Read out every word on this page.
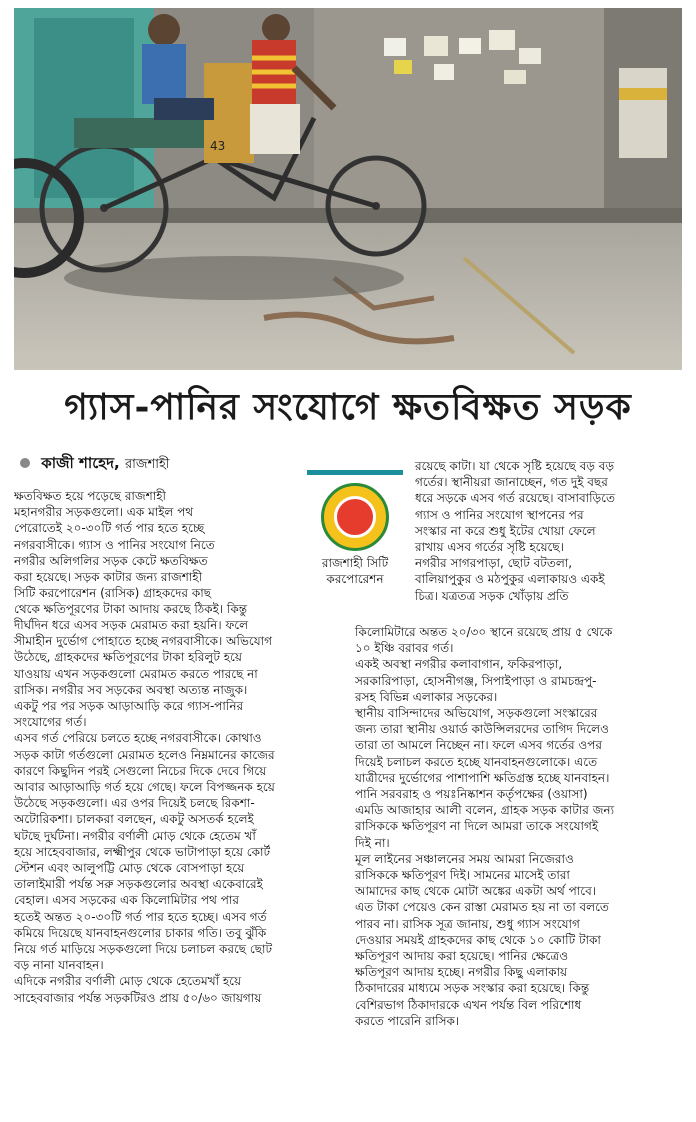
43
গ্যাস-পানির সংযোগে ক্ষতবিক্ষত সড়ক
কাজী শাহেদ, রাজশাহী
রাজশাহী সিটি
করপোরেশন

ক্ষতবিক্ষত হয়ে পড়েছে রাজশাহী

মহানগরীর সড়কগুলো। এক মাইল পথ

পেরোতেই ২০-৩০টি গর্ত পার হতে হচ্ছে

নগরবাসীকে। গ্যাস ও পানির সংযোগ নিতে

নগরীর অলিগলির সড়ক কেটে ক্ষতবিক্ষত

করা হয়েছে। সড়ক কাটার জন্য রাজশাহী

সিটি করপোরেশন (রাসিক) গ্রাহকদের কাছ

থেকে ক্ষতিপূরণের টাকা আদায় করছে ঠিকই। কিন্তু

দীর্ঘদিন ধরে এসব সড়ক মেরামত করা হয়নি। ফলে

সীমাহীন দুর্ভোগ পোহাতে হচ্ছে নগরবাসীকে। অভিযোগ

উঠেছে, গ্রাহকদের ক্ষতিপূরণের টাকা হরিলুট হয়ে

যাওয়ায় এখন সড়কগুলো মেরামত করতে পারছে না

রাসিক। নগরীর সব সড়কের অবস্থা অত্যন্ত নাজুক।

একটু পর পর সড়ক আড়াআড়ি করে গ্যাস-পানির

সংযোগের গর্ত।

এসব গর্ত পেরিয়ে চলতে হচ্ছে নগরবাসীকে। কোথাও

সড়ক কাটা গর্তগুলো মেরামত হলেও নিম্নমানের কাজের

কারণে কিছুদিন পরই সেগুলো নিচের দিকে দেবে গিয়ে

আবার আড়াআড়ি গর্ত হয়ে গেছে। ফলে বিপজ্জনক হয়ে

উঠেছে সড়কগুলো। এর ওপর দিয়েই চলছে রিকশা-

অটোরিকশা। চালকরা বলছেন, একটু অসতর্ক হলেই

ঘটছে দুর্ঘটনা। নগরীর বর্ণালী মোড় থেকে হেতেম খাঁ

হয়ে সাহেববাজার, লক্ষ্মীপুর থেকে ভাটাপাড়া হয়ে কোর্ট

স্টেশন এবং আলুপট্টি মোড় থেকে বোসপাড়া হয়ে

তালাইমারী পর্যন্ত সরু সড়কগুলোর অবস্থা একেবারেই

বেহাল। এসব সড়কের এক কিলোমিটার পথ পার

হতেই অন্তত ২০-৩০টি গর্ত পার হতে হচ্ছে। এসব গর্ত

কমিয়ে দিয়েছে যানবাহনগুলোর চাকার গতি। তবু ঝুঁকি

নিয়ে গর্ত মাড়িয়ে সড়কগুলো দিয়ে চলাচল করছে ছোট

বড় নানা যানবাহন।

এদিকে নগরীর বর্ণালী মোড় থেকে হেতেমখাঁ হয়ে

সাহেববাজার পর্যন্ত সড়কটিরও প্রায় ৫০/৬০ জায়গায়

রয়েছে কাটা। যা থেকে সৃষ্টি হয়েছে বড় বড়

গর্তের। স্থানীয়রা জানাচ্ছেন, গত দুই বছর

ধরে সড়কে এসব গর্ত রয়েছে। বাসাবাড়িতে

গ্যাস ও পানির সংযোগ স্থাপনের পর

সংস্কার না করে শুধু ইটের খোয়া ফেলে

রাখায় এসব গর্তের সৃষ্টি হয়েছে।

নগরীর সাগরপাড়া, ছোট বটতলা,

বালিয়াপুকুর ও মঠপুকুর এলাকায়ও একই

চিত্র। যত্রতত্র সড়ক খোঁড়ায় প্রতি

কিলোমিটারে অন্তত ২০/৩০ স্থানে রয়েছে প্রায় ৫ থেকে

১০ ইঞ্চি বরাবর গর্ত।

একই অবস্থা নগরীর কলাবাগান, ফকিরপাড়া,

সরকারিপাড়া, হোসনীগঞ্জ, সিপাইপাড়া ও রামচন্দ্রপু-

রসহ বিভিন্ন এলাকার সড়কের।

স্থানীয় বাসিন্দাদের অভিযোগ, সড়কগুলো সংস্কারের

জন্য তারা স্থানীয় ওয়ার্ড কাউন্সিলরদের তাগিদ দিলেও

তারা তা আমলে নিচ্ছেন না। ফলে এসব গর্তের ওপর

দিয়েই চলাচল করতে হচ্ছে যানবাহনগুলোকে। এতে

যাত্রীদের দুর্ভোগের পাশাপাশি ক্ষতিগ্রস্ত হচ্ছে যানবাহন।

পানি সরবরাহ ও পয়ঃনিষ্কাশন কর্তৃপক্ষের (ওয়াসা)

এমডি আজাহার আলী বলেন, গ্রাহক সড়ক কাটার জন্য

রাসিককে ক্ষতিপূরণ না দিলে আমরা তাকে সংযোগই

দিই না।

মূল লাইনের সঞ্চালনের সময় আমরা নিজেরাও

রাসিককে ক্ষতিপূরণ দিই। সামনের মাসেই তারা

আমাদের কাছ থেকে মোটা অঙ্কের একটা অর্থ পাবে।

এত টাকা পেয়েও কেন রাস্তা মেরামত হয় না তা বলতে

পারব না। রাসিক সূত্র জানায়, শুধু গ্যাস সংযোগ

দেওয়ার সময়ই গ্রাহকদের কাছ থেকে ১০ কোটি টাকা

ক্ষতিপূরণ আদায় করা হয়েছে। পানির ক্ষেত্রেও

ক্ষতিপূরণ আদায় হচ্ছে। নগরীর কিছু এলাকায়

ঠিকাদারের মাধ্যমে সড়ক সংস্কার করা হয়েছে। কিন্তু

বেশিরভাগ ঠিকাদারকে এখন পর্যন্ত বিল পরিশোধ

করতে পারেনি রাসিক।
